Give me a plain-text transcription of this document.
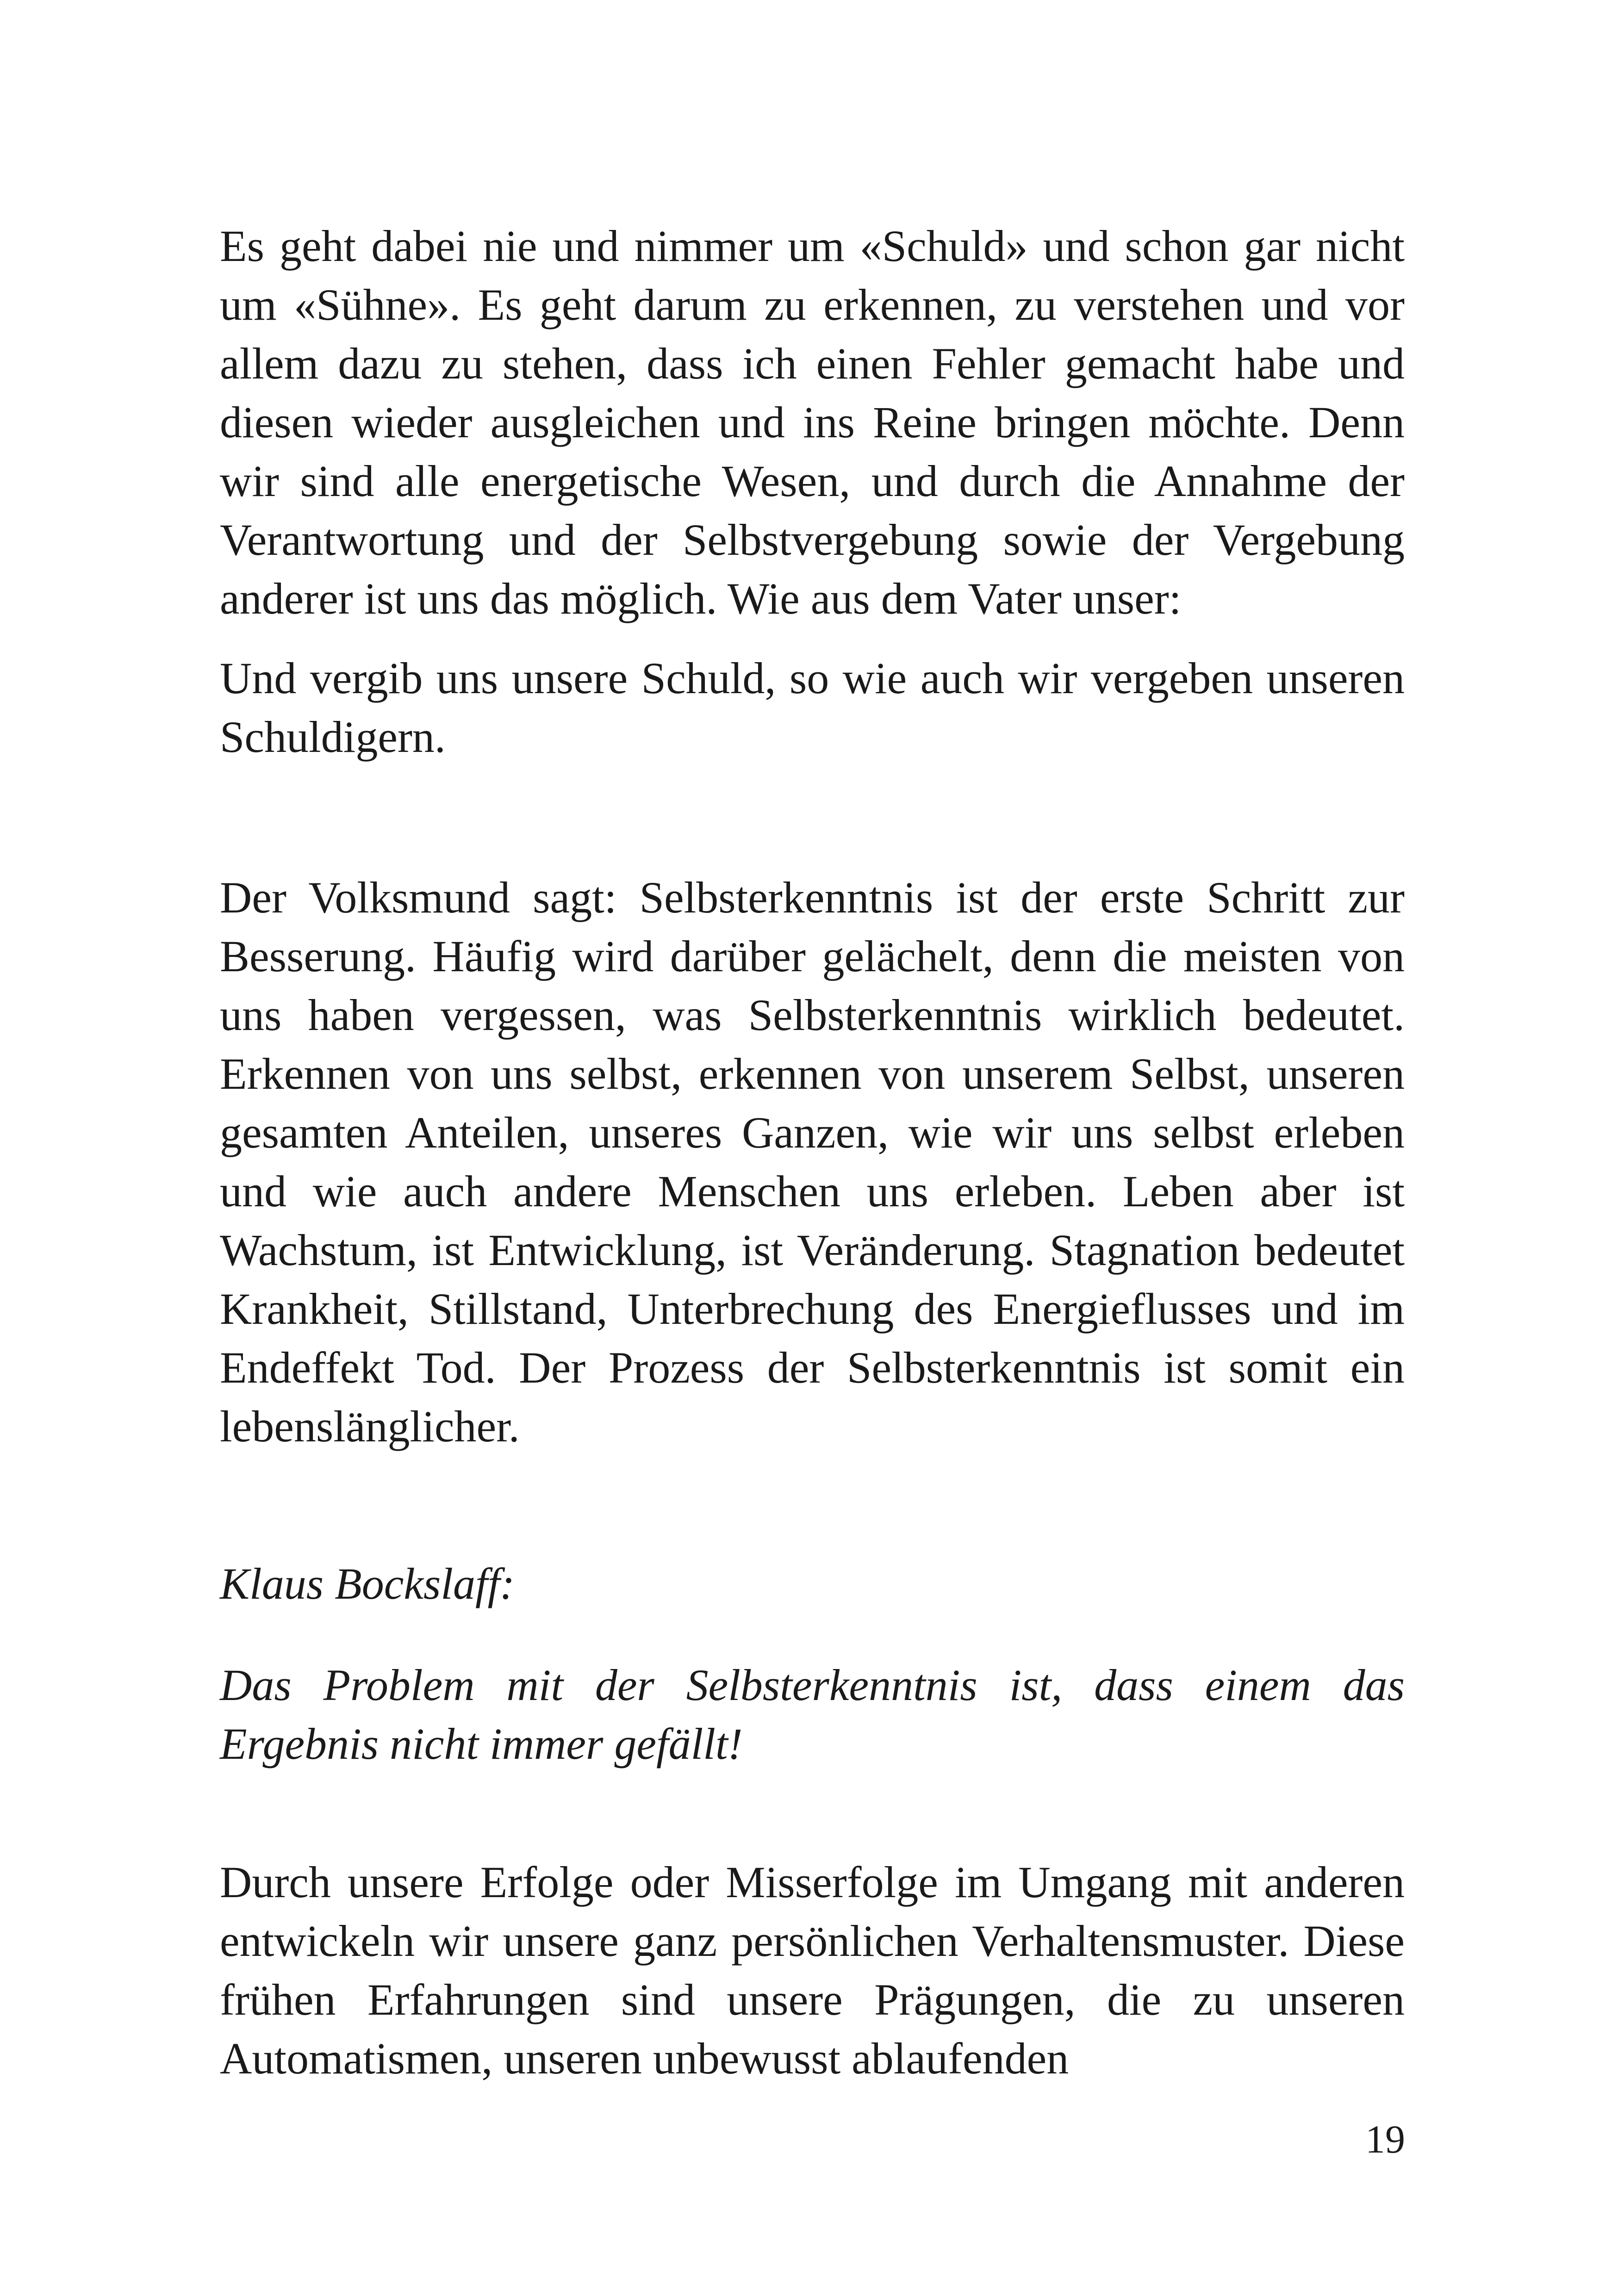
Es geht dabei nie und nimmer um «Schuld» und schon gar nicht um «Sühne». Es geht darum zu erkennen, zu verstehen und vor allem dazu zu stehen, dass ich einen Fehler gemacht habe und diesen wieder ausgleichen und ins Reine bringen möchte. Denn wir sind alle energetische Wesen, und durch die Annahme der Verantwortung und der Selbstvergebung sowie der Vergebung anderer ist uns das möglich. Wie aus dem Vater unser:

Und vergib uns unsere Schuld, so wie auch wir vergeben unseren Schuldigern.

Der Volksmund sagt: Selbsterkenntnis ist der erste Schritt zur Besserung. Häufig wird darüber gelächelt, denn die meisten von uns haben vergessen, was Selbsterkenntnis wirklich bedeutet. Erkennen von uns selbst, erkennen von unserem Selbst, unseren gesamten Anteilen, unseres Ganzen, wie wir uns selbst erleben und wie auch andere Menschen uns erleben. Leben aber ist Wachstum, ist Entwicklung, ist Veränderung. Stagnation bedeutet Krankheit, Stillstand, Unterbrechung des Energieflusses und im Endeffekt Tod. Der Prozess der Selbsterkenntnis ist somit ein lebenslänglicher.

Klaus Bockslaff:

Das Problem mit der Selbsterkenntnis ist, dass einem das Ergebnis nicht immer gefällt!

Durch unsere Erfolge oder Misserfolge im Umgang mit anderen entwickeln wir unsere ganz persönlichen Verhaltensmuster. Diese frühen Erfahrungen sind unsere Prägungen, die zu unseren Automatismen, unseren unbewusst ablaufenden

19
